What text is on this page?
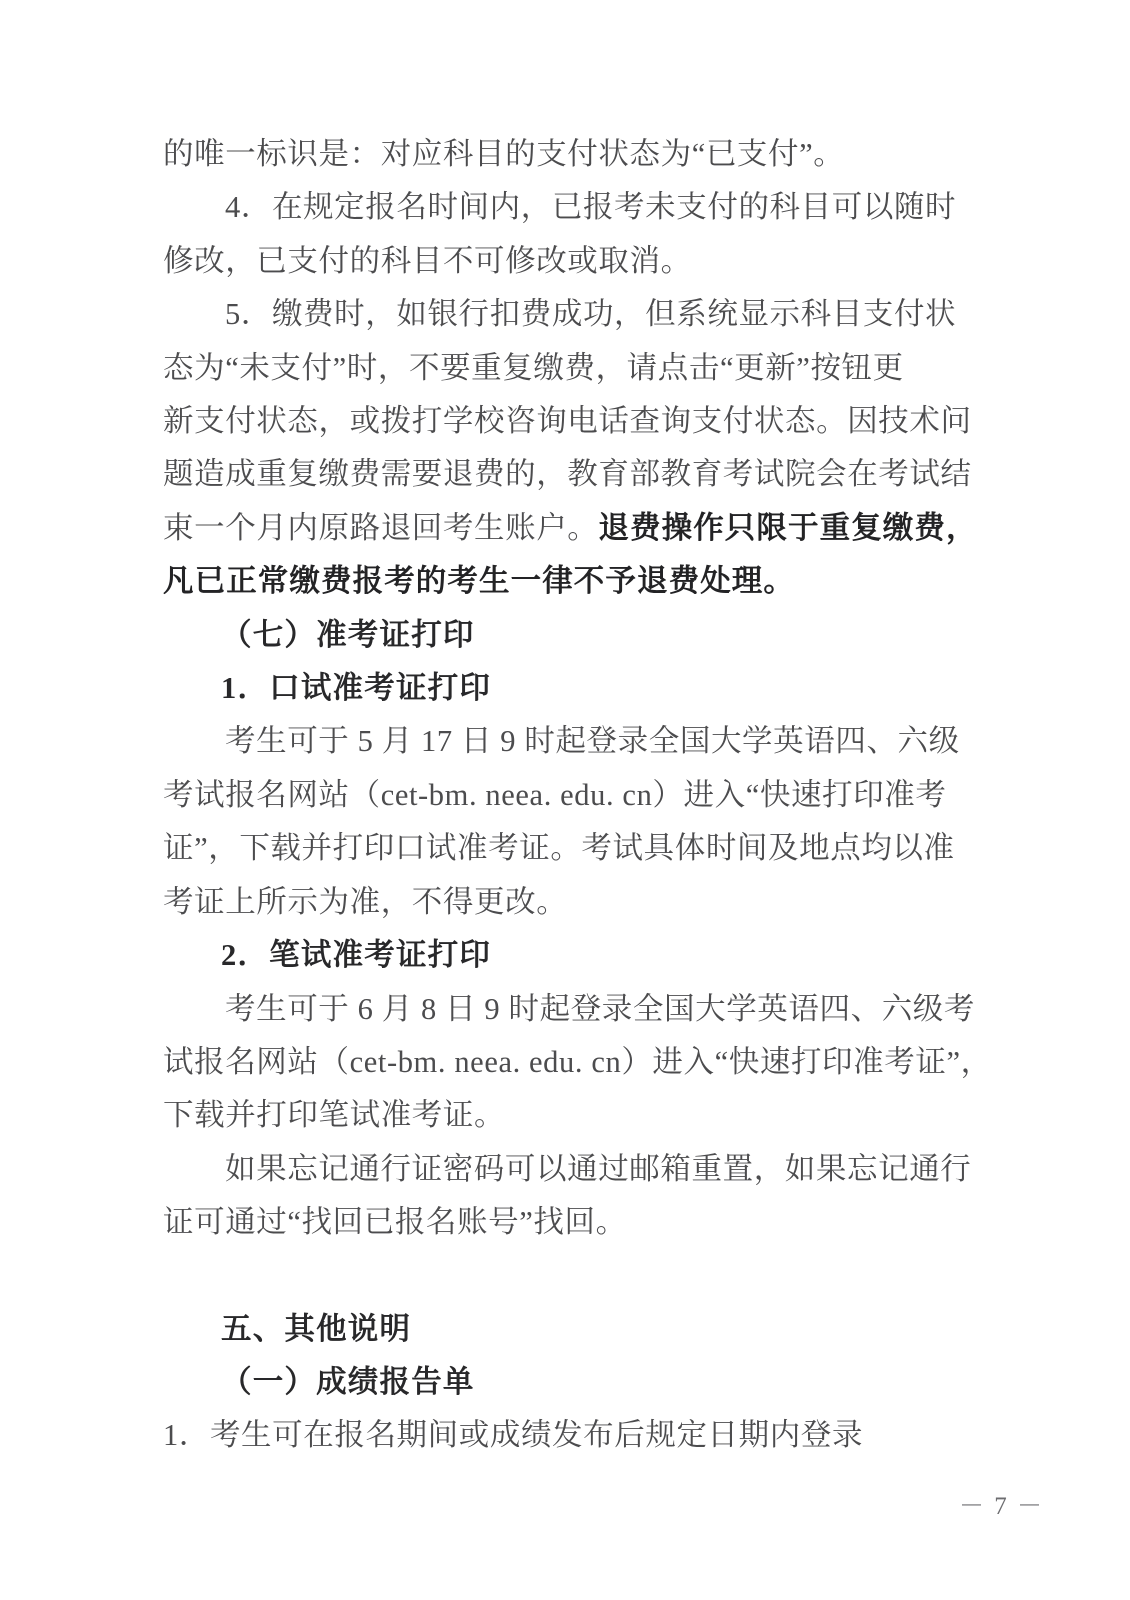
的唯一标识是：对应科目的支付状态为“已支付”。
4．在规定报名时间内，已报考未支付的科目可以随时
修改，已支付的科目不可修改或取消。
5．缴费时，如银行扣费成功，但系统显示科目支付状
态为“未支付”时，不要重复缴费，请点击“更新”按钮更
新支付状态，或拨打学校咨询电话查询支付状态。因技术问
题造成重复缴费需要退费的，教育部教育考试院会在考试结
束一个月内原路退回考生账户。退费操作只限于重复缴费，
凡已正常缴费报考的考生一律不予退费处理。
（七）准考证打印
1．口试准考证打印
考生可于 5 月 17 日 9 时起登录全国大学英语四、六级
考试报名网站（cet-bm. neea. edu. cn）进入“快速打印准考
证”，下载并打印口试准考证。考试具体时间及地点均以准
考证上所示为准，不得更改。
2．笔试准考证打印
考生可于 6 月 8 日 9 时起登录全国大学英语四、六级考
试报名网站（cet-bm. neea. edu. cn）进入“快速打印准考证”，
下载并打印笔试准考证。
如果忘记通行证密码可以通过邮箱重置，如果忘记通行
证可通过“找回已报名账号”找回。
五、其他说明
（一）成绩报告单
1．考生可在报名期间或成绩发布后规定日期内登录
－ 7 －
